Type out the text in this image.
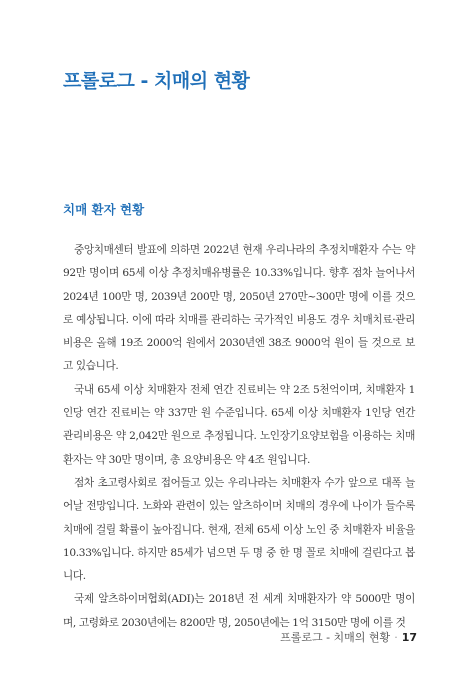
프롤로그 - 치매의 현황
치매 환자 현황

중앙치매센터 발표에 의하면 2022년 현재 우리나라의 추정치매환자 수는 약 92만 명이며 65세 이상 추정치매유병률은 10.33%입니다. 향후 점차 늘어나서 2024년 100만 명, 2039년 200만 명, 2050년 270만~300만 명에 이를 것으로 예상됩니다. 이에 따라 치매를 관리하는 국가적인 비용도 경우 치매치료·관리 비용은 올해 19조 2000억 원에서 2030년엔 38조 9000억 원이 들 것으로 보고 있습니다.

국내 65세 이상 치매환자 전체 연간 진료비는 약 2조 5천억이며, 치매환자 1인당 연간 진료비는 약 337만 원 수준입니다. 65세 이상 치매환자 1인당 연간 관리비용은 약 2,042만 원으로 추정됩니다. 노인장기요양보험을 이용하는 치매환자는 약 30만 명이며, 총 요양비용은 약 4조 원입니다.

점차 초고령사회로 접어들고 있는 우리나라는 치매환자 수가 앞으로 대폭 늘어날 전망입니다. 노화와 관련이 있는 알츠하이머 치매의 경우에 나이가 들수록 치매에 걸릴 확률이 높아집니다. 현재, 전체 65세 이상 노인 중 치매환자 비율을 10.33%입니다. 하지만 85세가 넘으면 두 명 중 한 명 꼴로 치매에 걸린다고 봅니다.

국제 알츠하이머협회(ADI)는 2018년 전 세계 치매환자가 약 5000만 명이며, 고령화로 2030년에는 8200만 명, 2050년에는 1억 3150만 명에 이를 것

프롤로그 - 치매의 현황 · 17
